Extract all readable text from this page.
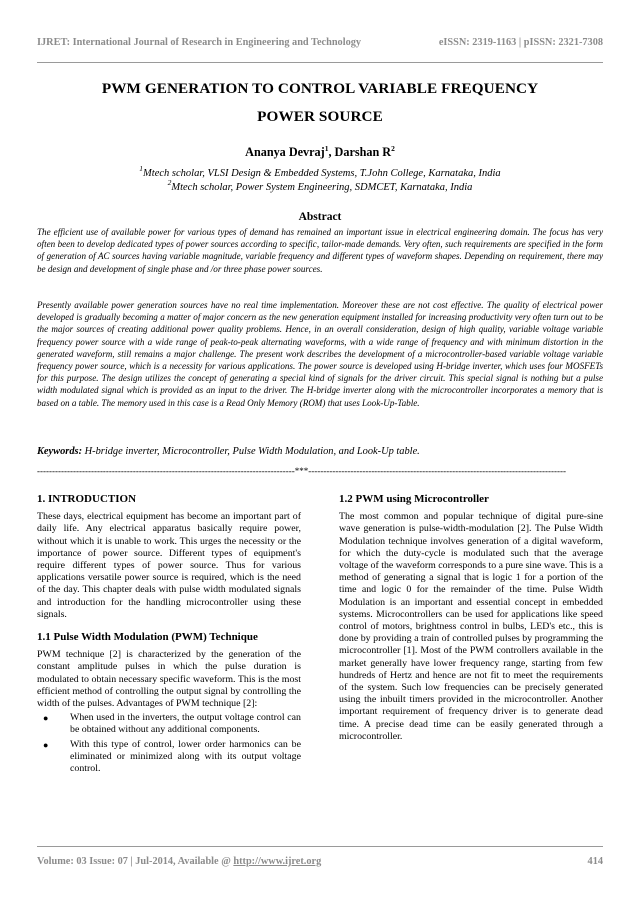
IJRET: International Journal of Research in Engineering and Technology	eISSN: 2319-1163 | pISSN: 2321-7308
PWM GENERATION TO CONTROL VARIABLE FREQUENCY
POWER SOURCE
Ananya Devraj$^1$, Darshan $R^2$
$^1$Mtech scholar, VLSI Design & Embedded Systems, T.John College, Karnataka, India
$^2$Mtech scholar, Power System Engineering, SDMCET, Karnataka, India
Abstract
The efficient use of available power for various types of demand has remained an important issue in electrical engineering domain. The focus has very often been to develop dedicated types of power sources according to specific, tailor-made demands. Very often, such requirements are specified in the form of generation of AC sources having variable magnitude, variable frequency and different types of waveform shapes. Depending on requirement, there may be design and development of single phase and /or three phase power sources.
Presently available power generation sources have no real time implementation. Moreover these are not cost effective. The quality of electrical power developed is gradually becoming a matter of major concern as the new generation equipment installed for increasing productivity very often turn out to be the major sources of creating additional power quality problems. Hence, in an overall consideration, design of high quality, variable voltage variable frequency power source with a wide range of peak-to-peak alternating waveforms, with a wide range of frequency and with minimum distortion in the generated waveform, still remains a major challenge. The present work describes the development of a microcontroller-based variable voltage variable frequency power source, which is a necessity for various applications. The power source is developed using H-bridge inverter, which uses four MOSFETs for this purpose. The design utilizes the concept of generating a special kind of signals for the driver circuit. This special signal is nothing but a pulse width modulated signal which is provided as an input to the driver. The H-bridge inverter along with the microcontroller incorporates a memory that is based on a table. The memory used in this case is a Read Only Memory (ROM) that uses Look-Up-Table.
Keywords: H-bridge inverter, Microcontroller, Pulse Width Modulation, and Look-Up table.
--------------------------------------------------------------------------------------***--------------------------------------------------------------------------------------
1. INTRODUCTION
These days, electrical equipment has become an important part of daily life. Any electrical apparatus basically require power, without which it is unable to work. This urges the necessity or the importance of power source. Different types of equipment's require different types of power source. Thus for various applications versatile power source is required, which is the need of the day. This chapter deals with pulse width modulated signals and introduction for the handling microcontroller using these signals.
1.1 Pulse Width Modulation (PWM) Technique
PWM technique [2] is characterized by the generation of the constant amplitude pulses in which the pulse duration is modulated to obtain necessary specific waveform. This is the most efficient method of controlling the output signal by controlling the width of the pulses. Advantages of PWM technique [2]:
● When used in the inverters, the output voltage control can be obtained without any additional components.
● With this type of control, lower order harmonics can be eliminated or minimized along with its output voltage control.
1.2 PWM using Microcontroller
The most common and popular technique of digital pure-sine wave generation is pulse-width-modulation [2]. The Pulse Width Modulation technique involves generation of a digital waveform, for which the duty-cycle is modulated such that the average voltage of the waveform corresponds to a pure sine wave. This is a method of generating a signal that is logic 1 for a portion of the time and logic 0 for the remainder of the time. Pulse Width Modulation is an important and essential concept in embedded systems. Microcontrollers can be used for applications like speed control of motors, brightness control in bulbs, LED's etc., this is done by providing a train of controlled pulses by programming the microcontroller [1]. Most of the PWM controllers available in the market generally have lower frequency range, starting from few hundreds of Hertz and hence are not fit to meet the requirements of the system. Such low frequencies can be precisely generated using the inbuilt timers provided in the microcontroller. Another important requirement of frequency driver is to generate dead time. A precise dead time can be easily generated through a microcontroller.
Volume: 03 Issue: 07 | Jul-2014, Available @ http://www.ijret.org	414
